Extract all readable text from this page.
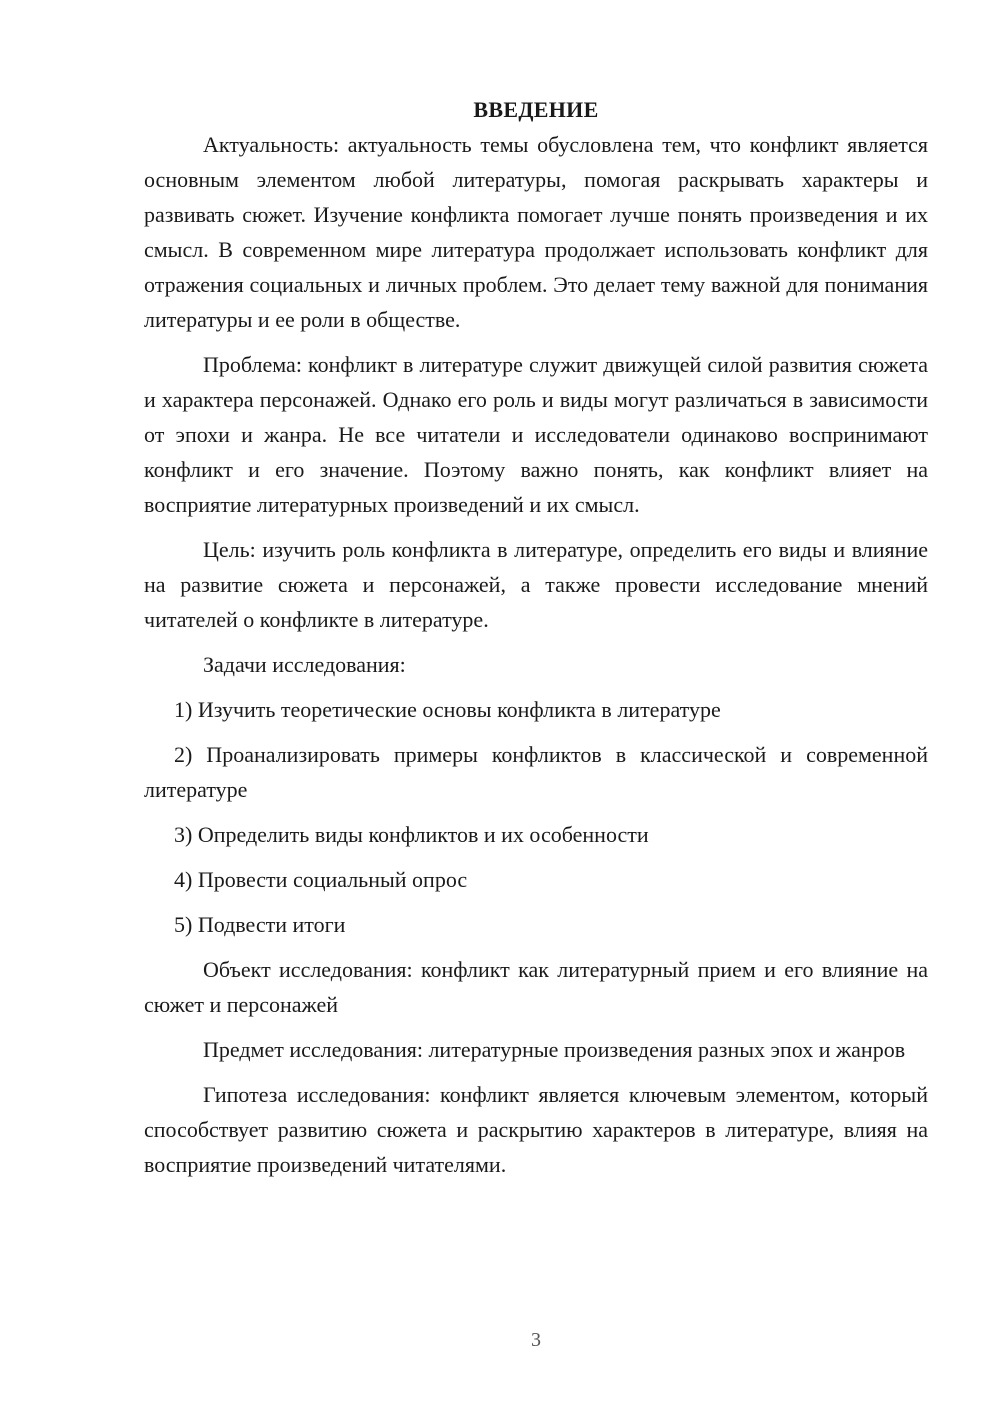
ВВЕДЕНИЕ

Актуальность: актуальность темы обусловлена тем, что конфликт является основным элементом любой литературы, помогая раскрывать характеры и развивать сюжет. Изучение конфликта помогает лучше понять произведения и их смысл. В современном мире литература продолжает использовать конфликт для отражения социальных и личных проблем. Это делает тему важной для понимания литературы и ее роли в обществе.

Проблема: конфликт в литературе служит движущей силой развития сюжета и характера персонажей. Однако его роль и виды могут различаться в зависимости от эпохи и жанра. Не все читатели и исследователи одинаково воспринимают конфликт и его значение. Поэтому важно понять, как конфликт влияет на восприятие литературных произведений и их смысл.

Цель: изучить роль конфликта в литературе, определить его виды и влияние на развитие сюжета и персонажей, а также провести исследование мнений читателей о конфликте в литературе.

Задачи исследования:

1) Изучить теоретические основы конфликта в литературе

2) Проанализировать примеры конфликтов в классической и современной литературе

3) Определить виды конфликтов и их особенности

4) Провести социальный опрос

5) Подвести итоги

Объект исследования: конфликт как литературный прием и его влияние на сюжет и персонажей

Предмет исследования: литературные произведения разных эпох и жанров

Гипотеза исследования: конфликт является ключевым элементом, который способствует развитию сюжета и раскрытию характеров в литературе, влияя на восприятие произведений читателями.

3
